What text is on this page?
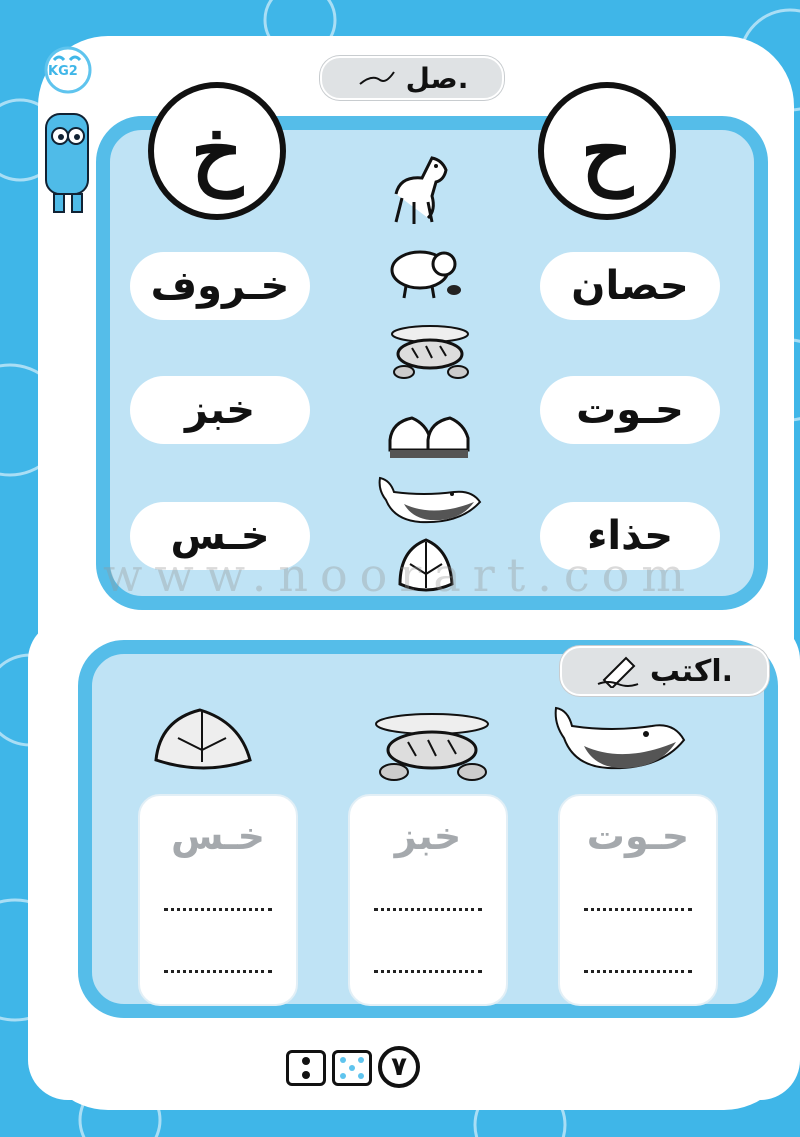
KG2	صل.
ح
خ
حصان
حـوت
حذاء
خـروف
خبز
خـس
www.noorart.com
اكتب.
حـوت
خبز
خـس
٧
